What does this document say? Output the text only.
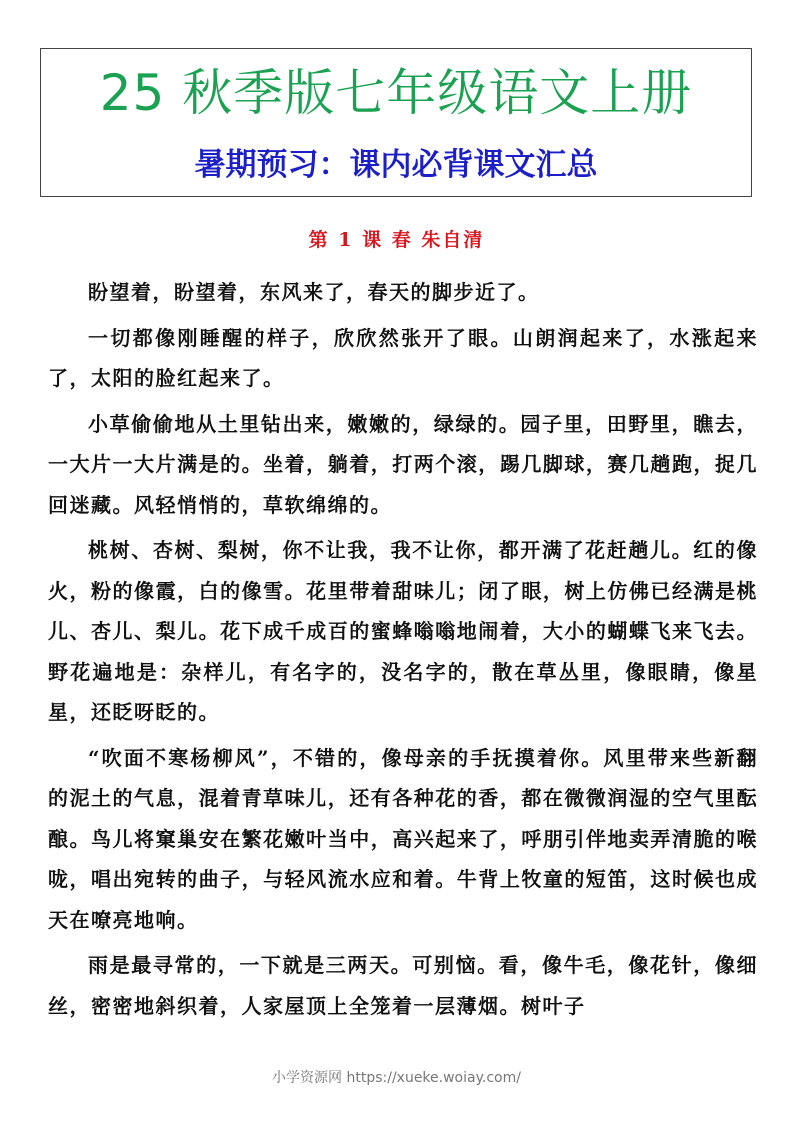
25 秋季版七年级语文上册
暑期预习：课内必背课文汇总
第 1 课 春 朱自清

盼望着，盼望着，东风来了，春天的脚步近了。

一切都像刚睡醒的样子，欣欣然张开了眼。山朗润起来了，水涨起来了，太阳的脸红起来了。

小草偷偷地从土里钻出来，嫩嫩的，绿绿的。园子里，田野里，瞧去，一大片一大片满是的。坐着，躺着，打两个滚，踢几脚球，赛几趟跑，捉几回迷藏。风轻悄悄的，草软绵绵的。

桃树、杏树、梨树，你不让我，我不让你，都开满了花赶趟儿。红的像火，粉的像霞，白的像雪。花里带着甜味儿；闭了眼，树上仿佛已经满是桃儿、杏儿、梨儿。花下成千成百的蜜蜂嗡嗡地闹着，大小的蝴蝶飞来飞去。野花遍地是：杂样儿，有名字的，没名字的，散在草丛里，像眼睛，像星星，还眨呀眨的。

“吹面不寒杨柳风”，不错的，像母亲的手抚摸着你。风里带来些新翻的泥土的气息，混着青草味儿，还有各种花的香，都在微微润湿的空气里酝酿。鸟儿将窠巢安在繁花嫩叶当中，高兴起来了，呼朋引伴地卖弄清脆的喉咙，唱出宛转的曲子，与轻风流水应和着。牛背上牧童的短笛，这时候也成天在嘹亮地响。

雨是最寻常的，一下就是三两天。可别恼。看，像牛毛，像花针，像细丝，密密地斜织着，人家屋顶上全笼着一层薄烟。树叶子

小学资源网 https://xueke.woiay.com/
